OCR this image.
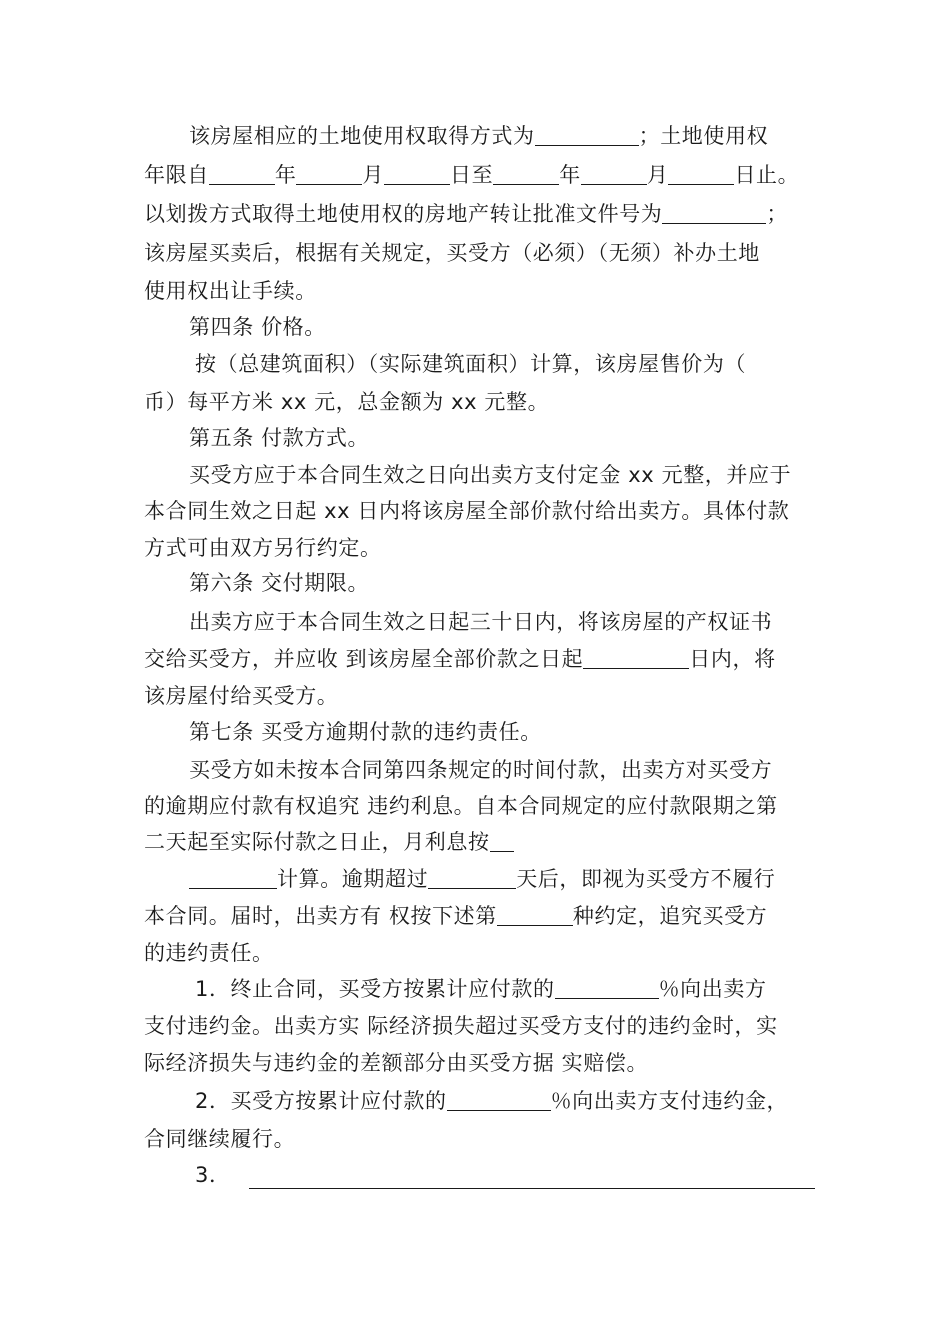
该房屋相应的土地使用权取得方式为	；土地使用权
年限自	年	月	日至	年	月	日止。
以划拨方式取得土地使用权的房地产转让批准文件号为	；
该房屋买卖后，根据有关规定，买受方（必须）（无须）补办土地
使用权出让手续。
第四条 价格。
按（总建筑面积）（实际建筑面积）计算，该房屋售价为（
币）每平方米 xx 元，总金额为 xx 元整。
第五条 付款方式。
买受方应于本合同生效之日向出卖方支付定金 xx 元整，并应于
本合同生效之日起 xx 日内将该房屋全部价款付给出卖方。具体付款
方式可由双方另行约定。
第六条 交付期限。
出卖方应于本合同生效之日起三十日内，将该房屋的产权证书
交给买受方，并应收 到该房屋全部价款之日起	日内，将
该房屋付给买受方。
第七条 买受方逾期付款的违约责任。
买受方如未按本合同第四条规定的时间付款，出卖方对买受方
的逾期应付款有权追究 违约利息。自本合同规定的应付款限期之第
二天起至实际付款之日止，月利息按
计算。逾期超过	天后，即视为买受方不履行
本合同。届时，出卖方有 权按下述第	种约定，追究买受方
的违约责任。
1．终止合同，买受方按累计应付款的	％向出卖方
支付违约金。出卖方实 际经济损失超过买受方支付的违约金时，实
际经济损失与违约金的差额部分由买受方据 实赔偿。
2．买受方按累计应付款的	％向出卖方支付违约金，
合同继续履行。
3．
